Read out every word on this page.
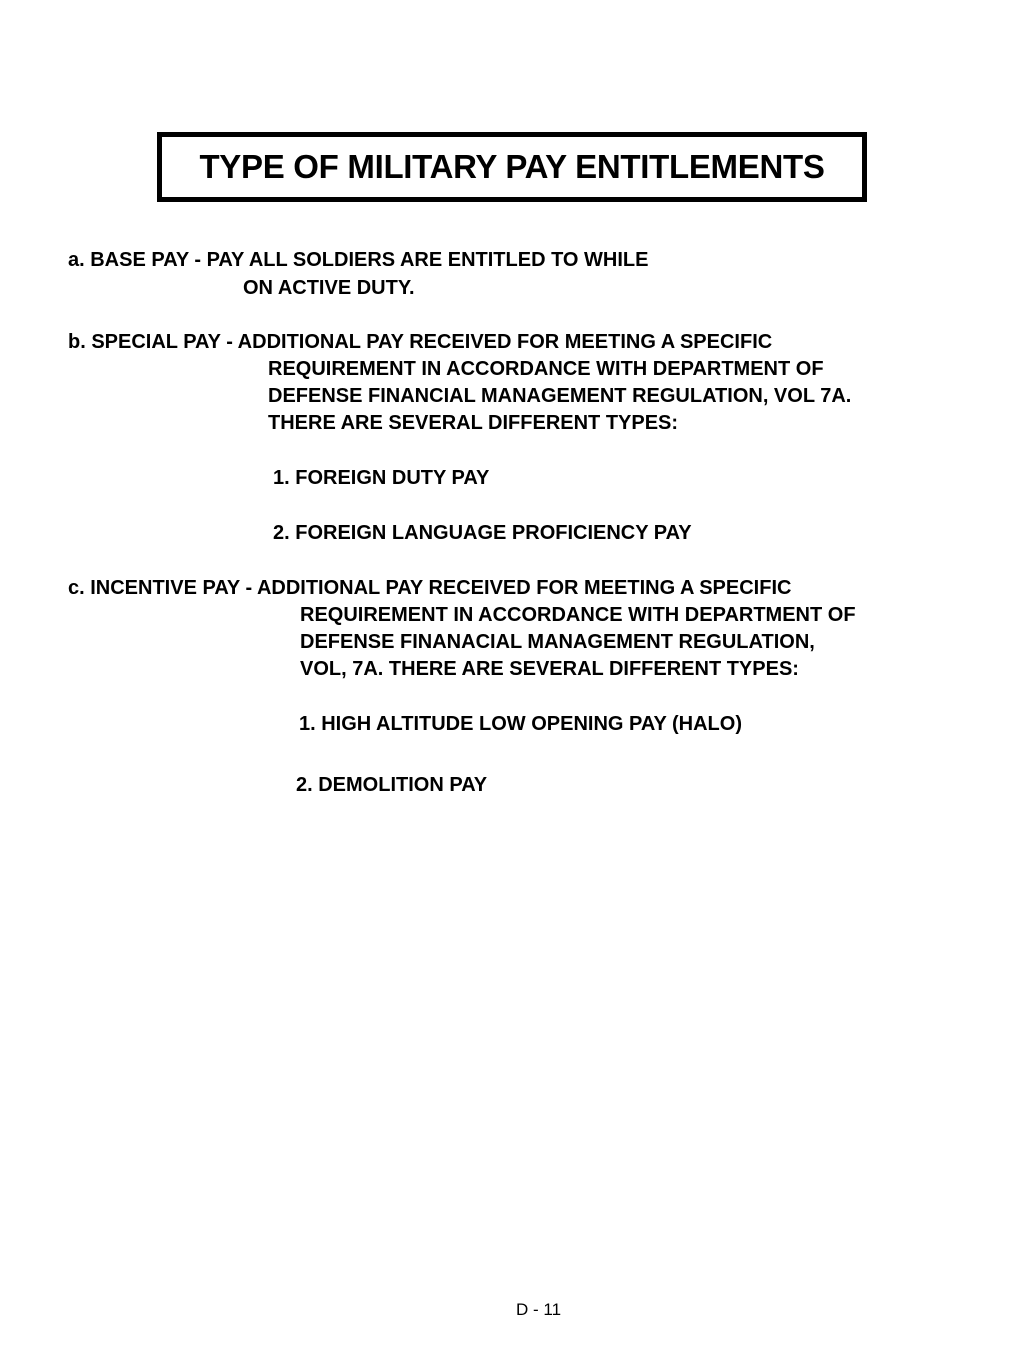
TYPE OF MILITARY PAY ENTITLEMENTS
a. BASE PAY - PAY ALL SOLDIERS ARE ENTITLED TO WHILE
ON ACTIVE DUTY.
b. SPECIAL PAY - ADDITIONAL PAY RECEIVED FOR MEETING A SPECIFIC
REQUIREMENT IN ACCORDANCE WITH DEPARTMENT OF
DEFENSE FINANCIAL MANAGEMENT REGULATION, VOL 7A.
THERE ARE SEVERAL DIFFERENT TYPES:
1. FOREIGN DUTY PAY
2. FOREIGN LANGUAGE PROFICIENCY PAY
c. INCENTIVE PAY - ADDITIONAL PAY RECEIVED FOR MEETING A SPECIFIC
REQUIREMENT IN ACCORDANCE WITH DEPARTMENT OF
DEFENSE FINANACIAL MANAGEMENT REGULATION,
VOL, 7A. THERE ARE SEVERAL DIFFERENT TYPES:
1. HIGH ALTITUDE LOW OPENING PAY (HALO)
2. DEMOLITION PAY
D - 11
